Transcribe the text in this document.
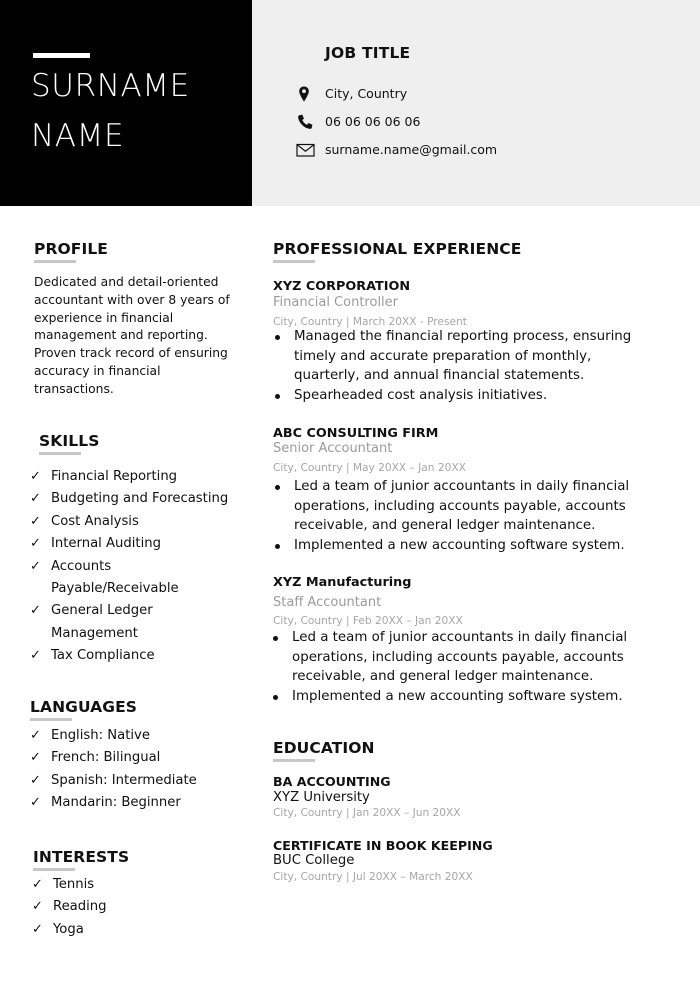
SURNAME
NAME
JOB TITLE
City, Country
06 06 06 06 06
surname.name@gmail.com
PROFILE
Dedicated and detail-oriented accountant with over 8 years of experience in financial management and reporting. Proven track record of ensuring accuracy in financial transactions.
SKILLS
✓ Financial Reporting
✓ Budgeting and Forecasting
✓ Cost Analysis
✓ Internal Auditing
✓ Accounts
Payable/Receivable
✓ General Ledger
Management
✓ Tax Compliance
LANGUAGES
✓ English: Native
✓ French: Bilingual
✓ Spanish: Intermediate
✓ Mandarin: Beginner
INTERESTS
✓ Tennis
✓ Reading
✓ Yoga
PROFESSIONAL EXPERIENCE
XYZ CORPORATION
Financial Controller
City, Country | March 20XX - Present
Managed the financial reporting process, ensuring timely and accurate preparation of monthly, quarterly, and annual financial statements.
Spearheaded cost analysis initiatives.
ABC CONSULTING FIRM
Senior Accountant
City, Country | May 20XX – Jan 20XX
Led a team of junior accountants in daily financial operations, including accounts payable, accounts receivable, and general ledger maintenance.
Implemented a new accounting software system.
XYZ Manufacturing
Staff Accountant
City, Country | Feb 20XX – Jan 20XX
Led a team of junior accountants in daily financial operations, including accounts payable, accounts receivable, and general ledger maintenance.
Implemented a new accounting software system.
EDUCATION
BA ACCOUNTING
XYZ University
City, Country | Jan 20XX – Jun 20XX
CERTIFICATE IN BOOK KEEPING
BUC College
City, Country | Jul 20XX – March 20XX
